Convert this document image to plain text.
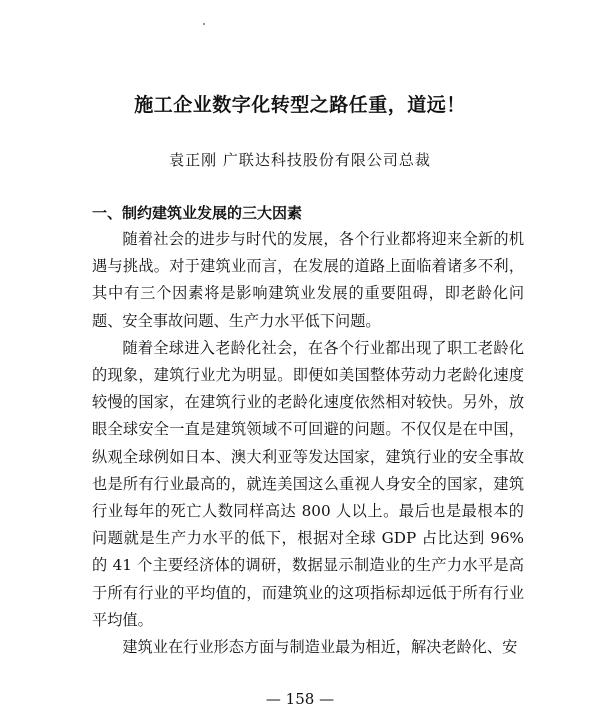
施工企业数字化转型之路任重，道远！
袁正刚 广联达科技股份有限公司总裁
一、制约建筑业发展的三大因素

随着社会的进步与时代的发展，各个行业都将迎来全新的机遇与挑战。对于建筑业而言，在发展的道路上面临着诸多不利，其中有三个因素将是影响建筑业发展的重要阻碍，即老龄化问题、安全事故问题、生产力水平低下问题。

随着全球进入老龄化社会，在各个行业都出现了职工老龄化的现象，建筑行业尤为明显。即便如美国整体劳动力老龄化速度较慢的国家，在建筑行业的老龄化速度依然相对较快。另外，放眼全球安全一直是建筑领域不可回避的问题。不仅仅是在中国，纵观全球例如日本、澳大利亚等发达国家，建筑行业的安全事故也是所有行业最高的，就连美国这么重视人身安全的国家，建筑行业每年的死亡人数同样高达 800 人以上。最后也是最根本的问题就是生产力水平的低下，根据对全球 GDP 占比达到 96%的 41 个主要经济体的调研，数据显示制造业的生产力水平是高于所有行业的平均值的，而建筑业的这项指标却远低于所有行业平均值。

建筑业在行业形态方面与制造业最为相近，解决老龄化、安

— 158 —
